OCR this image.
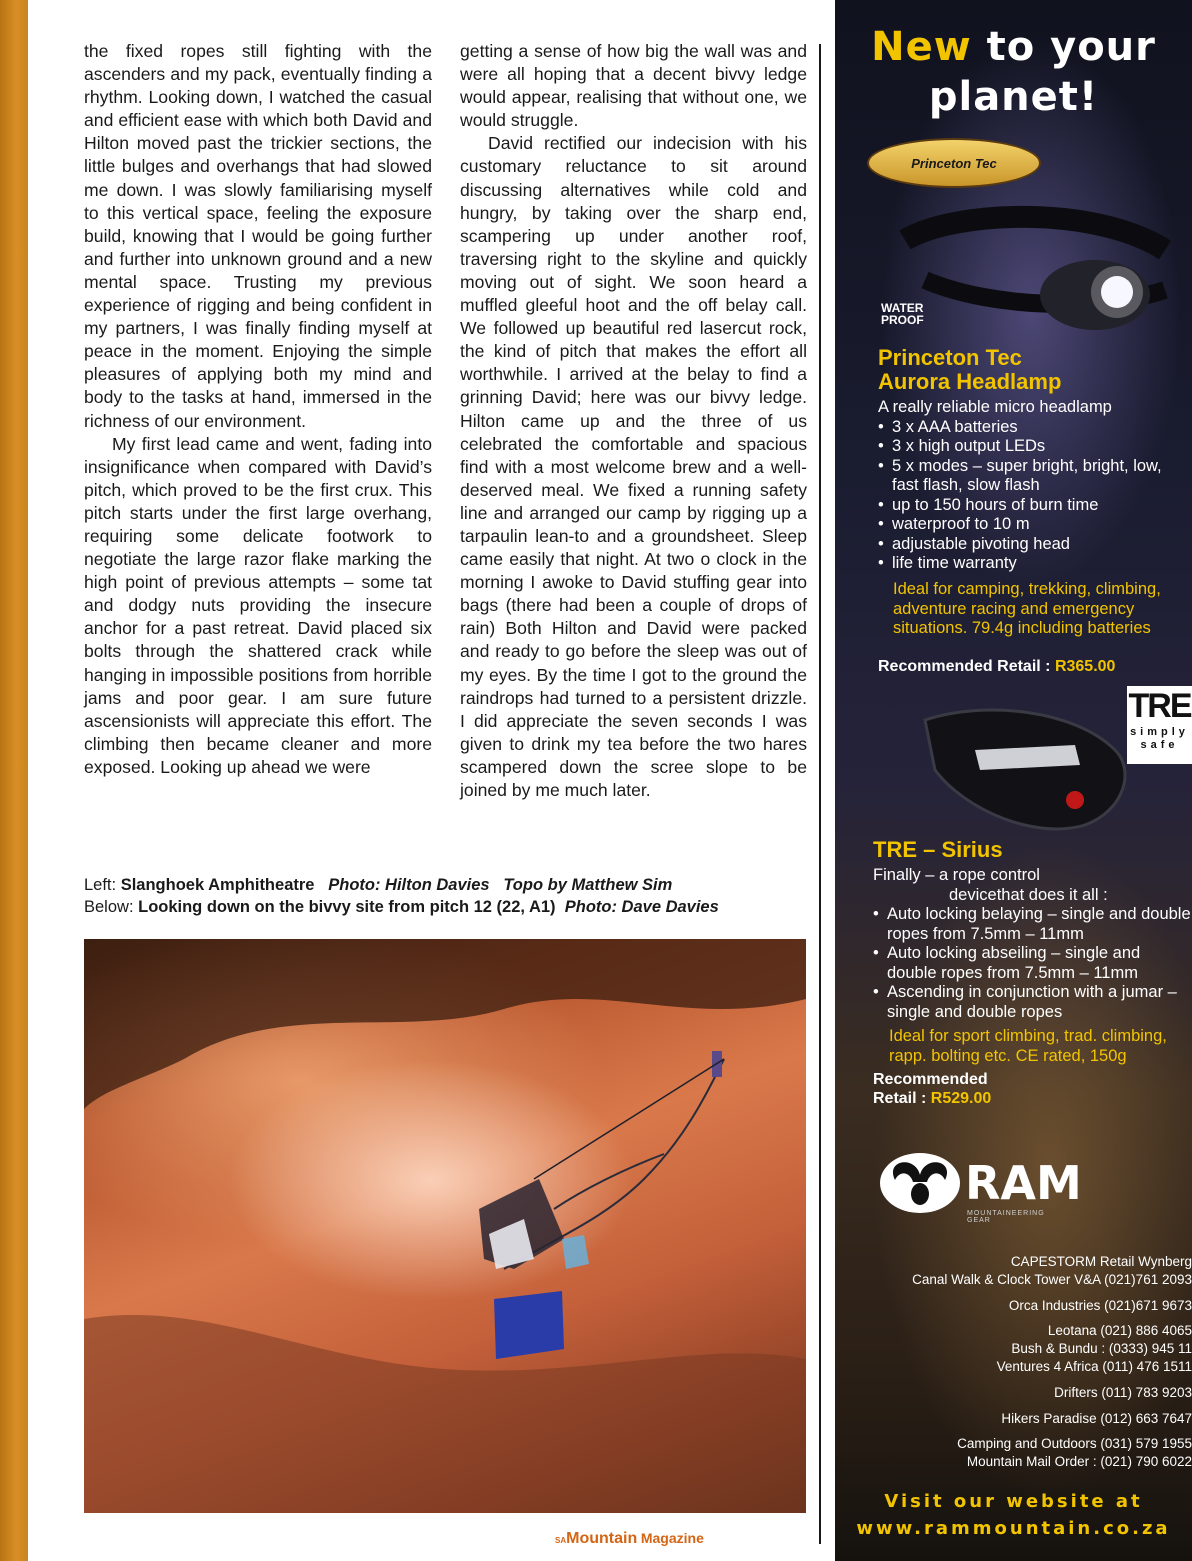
the fixed ropes still fighting with the ascenders and my pack, eventually finding a rhythm. Looking down, I watched the casual and efficient ease with which both David and Hilton moved past the trickier sections, the little bulges and overhangs that had slowed me down. I was slowly familiarising myself to this vertical space, feeling the exposure build, knowing that I would be going further and further into unknown ground and a new mental space. Trusting my previous experience of rigging and being confident in my partners, I was finally finding myself at peace in the moment. Enjoying the simple pleasures of applying both my mind and body to the tasks at hand, immersed in the richness of our environment.

My first lead came and went, fading into insignificance when compared with David’s pitch, which proved to be the first crux. This pitch starts under the first large overhang, requiring some delicate footwork to negotiate the large razor flake marking the high point of previous attempts – some tat and dodgy nuts providing the insecure anchor for a past retreat. David placed six bolts through the shattered crack while hanging in impossible positions from horrible jams and poor gear. I am sure future ascensionists will appreciate this effort. The climbing then became cleaner and more exposed. Looking up ahead we were

getting a sense of how big the wall was and were all hoping that a decent bivvy ledge would appear, realising that without one, we would struggle.

David rectified our indecision with his customary reluctance to sit around discussing alternatives while cold and hungry, by taking over the sharp end, scampering up under another roof, traversing right to the skyline and quickly moving out of sight. We soon heard a muffled gleeful hoot and the off belay call. We followed up beautiful red lasercut rock, the kind of pitch that makes the effort all worthwhile. I arrived at the belay to find a grinning David; here was our bivvy ledge. Hilton came up and the three of us celebrated the comfortable and spacious find with a most welcome brew and a well-deserved meal. We fixed a running safety line and arranged our camp by rigging up a tarpaulin lean-to and a groundsheet. Sleep came easily that night. At two o clock in the morning I awoke to David stuffing gear into bags (there had been a couple of drops of rain) Both Hilton and David were packed and ready to go before the sleep was out of my eyes. By the time I got to the ground the raindrops had turned to a persistent drizzle. I did appreciate the seven seconds I was given to drink my tea before the two hares scampered down the scree slope to be joined by me much later.

Left: Slanghoek Amphitheatre Photo: Hilton Davies Topo by Matthew Sim
Below: Looking down on the bivvy site from pitch 12 (22, A1) Photo: Dave Davies
SAMountain Magazine
New to your
planet!
Princeton Tec
WATER
PROOF
Princeton Tec
Aurora Headlamp
A really reliable micro headlamp
• 3 x AAA batteries
• 3 x high output LEDs
• 5 x modes – super bright, bright, low, fast flash, slow flash
• up to 150 hours of burn time
• waterproof to 10 m
• adjustable pivoting head
• life time warranty
Ideal for camping, trekking, climbing, adventure racing and emergency situations. 79.4g including batteries
Recommended Retail : R365.00
TRE
simply
safe
TRE – Sirius
Finally – a rope control
devicethat does it all :
• Auto locking belaying – single and double ropes from 7.5mm – 11mm
• Auto locking abseiling – single and double ropes from 7.5mm – 11mm
• Ascending in conjunction with a jumar – single and double ropes
Ideal for sport climbing, trad. climbing, rapp. bolting etc. CE rated, 150g
Recommended
Retail : R529.00
RAM
MOUNTAINEERING GEAR
CAPESTORM Retail Wynberg
Canal Walk & Clock Tower V&A (021)761 2093
Orca Industries (021)671 9673
Leotana (021) 886 4065
Bush & Bundu : (0333) 945 11
Ventures 4 Africa (011) 476 1511
Drifters (011) 783 9203
Hikers Paradise (012) 663 7647
Camping and Outdoors (031) 579 1955
Mountain Mail Order : (021) 790 6022
Visit our website at
www.rammountain.co.za
